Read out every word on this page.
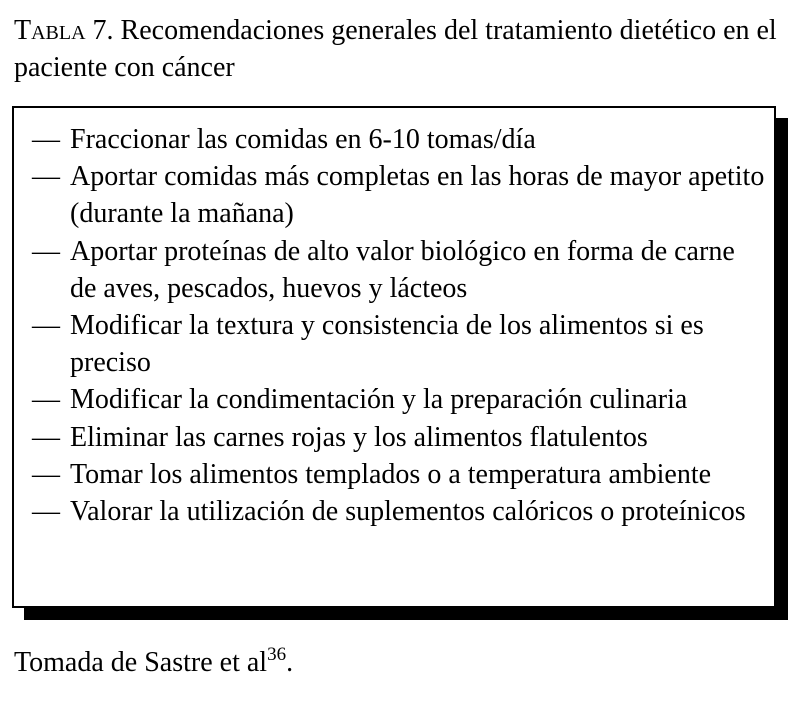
Tabla 7. Recomendaciones generales del tratamiento dietético en el paciente con cáncer
— Fraccionar las comidas en 6-10 tomas/día
— Aportar comidas más completas en las horas de mayor apetito (durante la mañana)
— Aportar proteínas de alto valor biológico en forma de carne de aves, pescados, huevos y lácteos
— Modificar la textura y consistencia de los alimentos si es preciso
— Modificar la condimentación y la preparación culinaria
— Eliminar las carnes rojas y los alimentos flatulentos
— Tomar los alimentos templados o a temperatura ambiente
— Valorar la utilización de suplementos calóricos o proteínicos

Tomada de Sastre et $al^{36}$.
